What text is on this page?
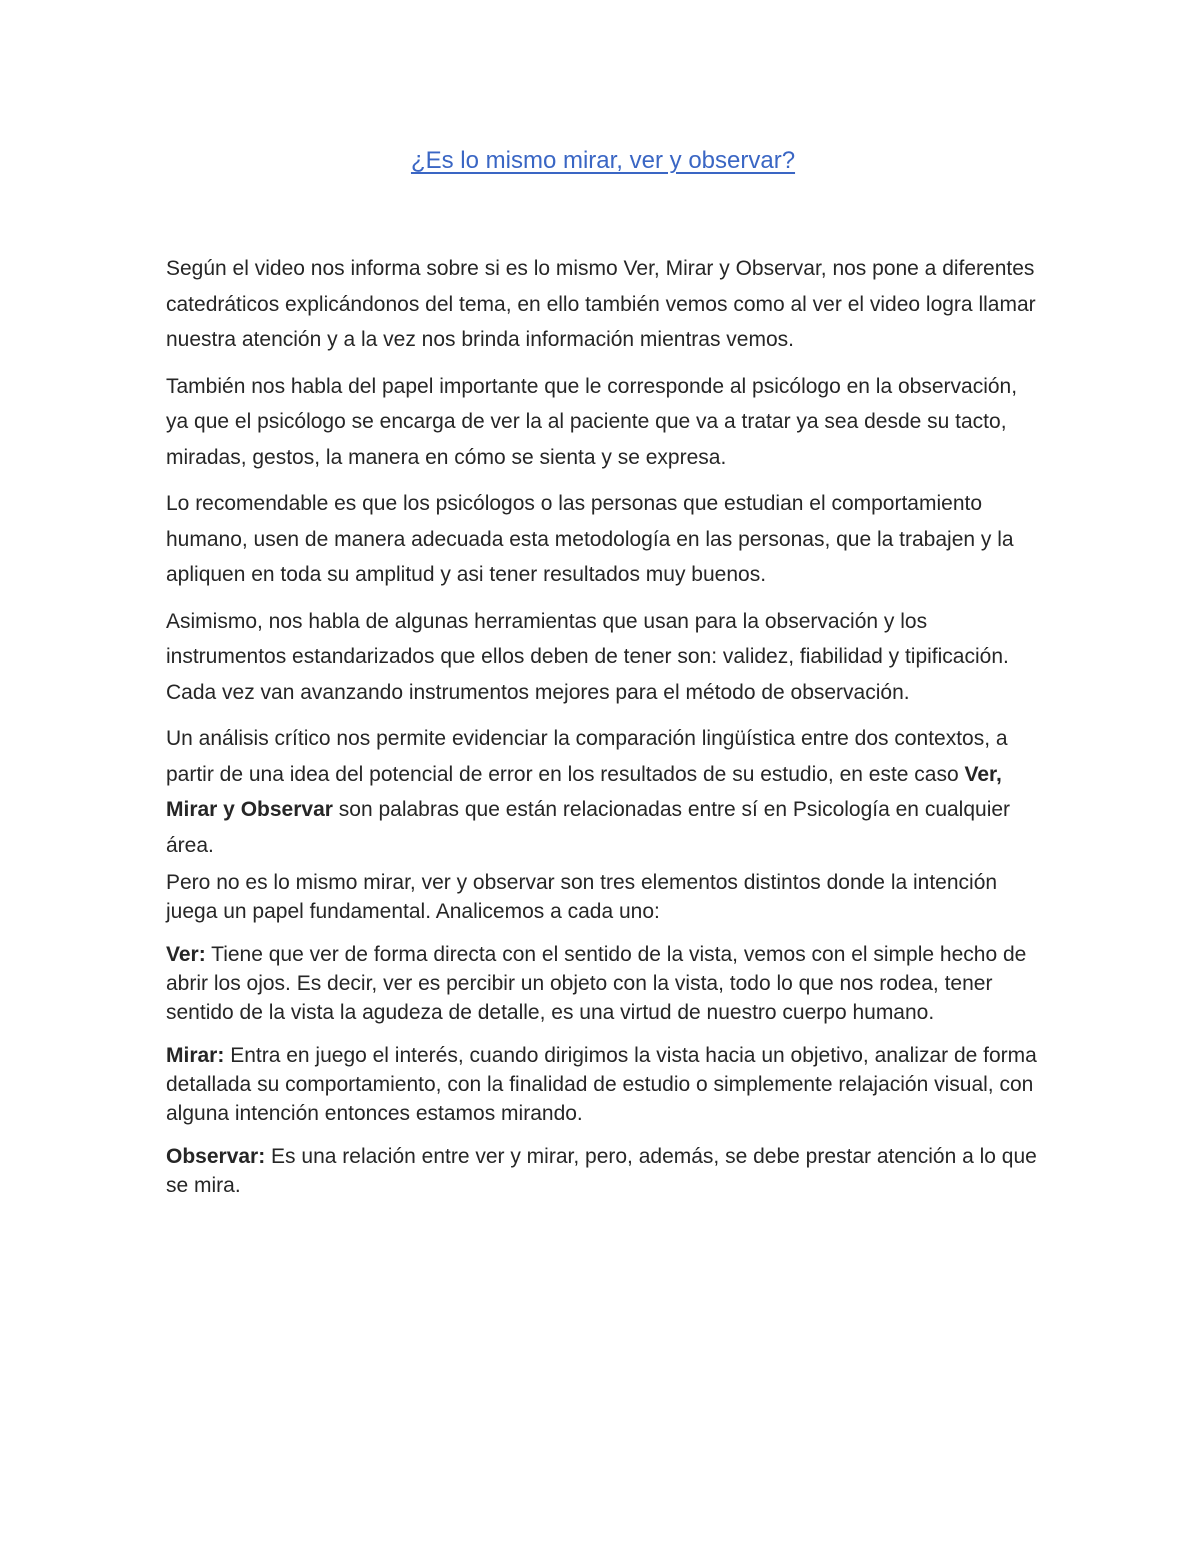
¿Es lo mismo mirar, ver y observar?

Según el video nos informa sobre si es lo mismo Ver, Mirar y Observar, nos pone a diferentes catedráticos explicándonos del tema, en ello también vemos como al ver el video logra llamar nuestra atención y a la vez nos brinda información mientras vemos.

También nos habla del papel importante que le corresponde al psicólogo en la observación, ya que el psicólogo se encarga de ver la al paciente que va a tratar ya sea desde su tacto, miradas, gestos, la manera en cómo se sienta y se expresa.

Lo recomendable es que los psicólogos o las personas que estudian el comportamiento humano, usen de manera adecuada esta metodología en las personas, que la trabajen y la apliquen en toda su amplitud y asi tener resultados muy buenos.

Asimismo, nos habla de algunas herramientas que usan para la observación y los instrumentos estandarizados que ellos deben de tener son: validez, fiabilidad y tipificación. Cada vez van avanzando instrumentos mejores para el método de observación.

Un análisis crítico nos permite evidenciar la comparación lingüística entre dos contextos, a partir de una idea del potencial de error en los resultados de su estudio, en este caso Ver, Mirar y Observar son palabras que están relacionadas entre sí en Psicología en cualquier área.

Pero no es lo mismo mirar, ver y observar son tres elementos distintos donde la intención juega un papel fundamental. Analicemos a cada uno:

Ver: Tiene que ver de forma directa con el sentido de la vista, vemos con el simple hecho de abrir los ojos. Es decir, ver es percibir un objeto con la vista, todo lo que nos rodea, tener sentido de la vista la agudeza de detalle, es una virtud de nuestro cuerpo humano.

Mirar: Entra en juego el interés, cuando dirigimos la vista hacia un objetivo, analizar de forma detallada su comportamiento, con la finalidad de estudio o simplemente relajación visual, con alguna intención entonces estamos mirando.

Observar: Es una relación entre ver y mirar, pero, además, se debe prestar atención a lo que se mira.
